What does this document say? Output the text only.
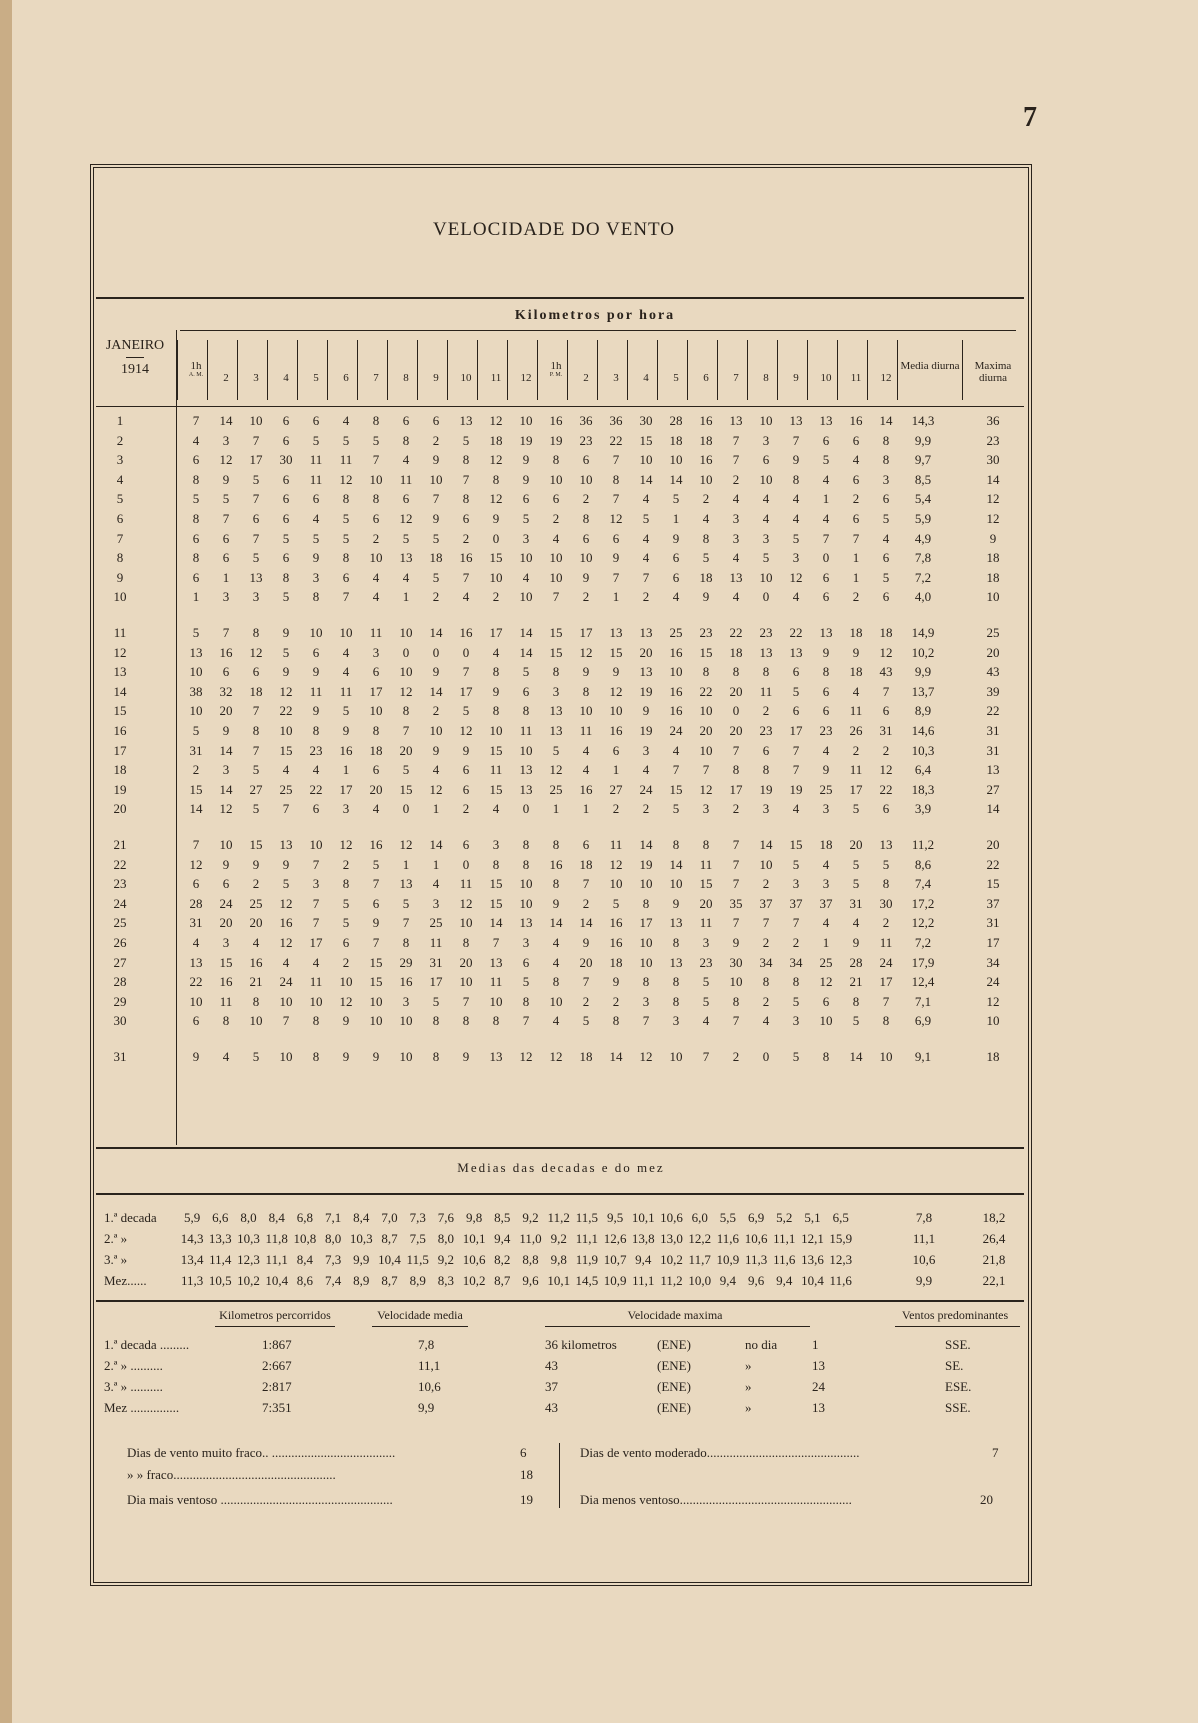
7
VELOCIDADE DO VENTO
Kilometros por hora
JANEIRO
1914	1h
A. M.	2	3	4	5	6	7	8	9	10	11	12
1h
P. M.	2	3	4	5	6	7	8	9	10	11	12
Media diurna	Maxima diurna
1	7	14	10	6	6	4	8	6	6	13	12	10	16	36	36	30	28	16	13	10	13	13	16	14	14,3	36
2	4	3	7	6	5	5	5	8	2	5	18	19	19	23	22	15	18	18	7	3	7	6	6	8	9,9	23
3	6	12	17	30	11	11	7	4	9	8	12	9	8	6	7	10	10	16	7	6	9	5	4	8	9,7	30
4	8	9	5	6	11	12	10	11	10	7	8	9	10	10	8	14	14	10	2	10	8	4	6	3	8,5	14
5	5	5	7	6	6	8	8	6	7	8	12	6	6	2	7	4	5	2	4	4	4	1	2	6	5,4	12
6	8	7	6	6	4	5	6	12	9	6	9	5	2	8	12	5	1	4	3	4	4	4	6	5	5,9	12
7	6	6	7	5	5	5	2	5	5	2	0	3	4	6	6	4	9	8	3	3	5	7	7	4	4,9	9
8	8	6	5	6	9	8	10	13	18	16	15	10	10	10	9	4	6	5	4	5	3	0	1	6	7,8	18
9	6	1	13	8	3	6	4	4	5	7	10	4	10	9	7	7	6	18	13	10	12	6	1	5	7,2	18
10	1	3	3	5	8	7	4	1	2	4	2	10	7	2	1	2	4	9	4	0	4	6	2	6	4,0	10
11	5	7	8	9	10	10	11	10	14	16	17	14	15	17	13	13	25	23	22	23	22	13	18	18	14,9	25
12	13	16	12	5	6	4	3	0	0	0	4	14	15	12	15	20	16	15	18	13	13	9	9	12	10,2	20
13	10	6	6	9	9	4	6	10	9	7	8	5	8	9	9	13	10	8	8	8	6	8	18	43	9,9	43
14	38	32	18	12	11	11	17	12	14	17	9	6	3	8	12	19	16	22	20	11	5	6	4	7	13,7	39
15	10	20	7	22	9	5	10	8	2	5	8	8	13	10	10	9	16	10	0	2	6	6	11	6	8,9	22
16	5	9	8	10	8	9	8	7	10	12	10	11	13	11	16	19	24	20	20	23	17	23	26	31	14,6	31
17	31	14	7	15	23	16	18	20	9	9	15	10	5	4	6	3	4	10	7	6	7	4	2	2	10,3	31
18	2	3	5	4	4	1	6	5	4	6	11	13	12	4	1	4	7	7	8	8	7	9	11	12	6,4	13
19	15	14	27	25	22	17	20	15	12	6	15	13	25	16	27	24	15	12	17	19	19	25	17	22	18,3	27
20	14	12	5	7	6	3	4	0	1	2	4	0	1	1	2	2	5	3	2	3	4	3	5	6	3,9	14
21	7	10	15	13	10	12	16	12	14	6	3	8	8	6	11	14	8	8	7	14	15	18	20	13	11,2	20
22	12	9	9	9	7	2	5	1	1	0	8	8	16	18	12	19	14	11	7	10	5	4	5	5	8,6	22
23	6	6	2	5	3	8	7	13	4	11	15	10	8	7	10	10	10	15	7	2	3	3	5	8	7,4	15
24	28	24	25	12	7	5	6	5	3	12	15	10	9	2	5	8	9	20	35	37	37	37	31	30	17,2	37
25	31	20	20	16	7	5	9	7	25	10	14	13	14	14	16	17	13	11	7	7	7	4	4	2	12,2	31
26	4	3	4	12	17	6	7	8	11	8	7	3	4	9	16	10	8	3	9	2	2	1	9	11	7,2	17
27	13	15	16	4	4	2	15	29	31	20	13	6	4	20	18	10	13	23	30	34	34	25	28	24	17,9	34
28	22	16	21	24	11	10	15	16	17	10	11	5	8	7	9	8	8	5	10	8	8	12	21	17	12,4	24
29	10	11	8	10	10	12	10	3	5	7	10	8	10	2	2	3	8	5	8	2	5	6	8	7	7,1	12
30	6	8	10	7	8	9	10	10	8	8	8	7	4	5	8	7	3	4	7	4	3	10	5	8	6,9	10
31	9	4	5	10	8	9	9	10	8	9	13	12	12	18	14	12	10	7	2	0	5	8	14	10	9,1	18
Medias das decadas e do mez
1.ª decada	5,9 6,6 8,0 8,4 6,8 7,1 8,4 7,0 7,3 7,6 9,8 8,5 9,2 11,2 11,5 9,5 10,1 10,6 6,0 5,5 6,9 5,2 5,1 6,5	7,8	18,2
2.ª »	14,3 13,3 10,3 11,8 10,8 8,0 10,3 8,7 7,5 8,0 10,1 9,4 11,0 9,2 11,1 12,6 13,8 13,0 12,2 11,6 10,6 11,1 12,1 15,9	11,1	26,4
3.ª »	13,4 11,4 12,3 11,1 8,4 7,3 9,9 10,4 11,5 9,2 10,6 8,2 8,8 9,8 11,9 10,7 9,4 10,2 11,7 10,9 11,3 11,6 13,6 12,3	10,6	21,8
Mez......	11,3 10,5 10,2 10,4 8,6 7,4 8,9 8,7 8,9 8,3 10,2 8,7 9,6 10,1 14,5 10,9 11,1 11,2 10,0 9,4 9,6 9,4 10,4 11,6	9,9	22,1
Kilometros percorridos	Velocidade media	Velocidade maxima	Ventos predominantes
1.ª decada .........	1:867	7,8	36 kilometros	(ENE)	no dia	1	SSE.
2.ª » ..........	2:667	11,1	43	(ENE)	»	13	SE.
3.ª » ..........	2:817	10,6	37	(ENE)	»	24	ESE.
Mez ...............	7:351	9,9	43	(ENE)	»	13	SSE.
Dias de vento muito fraco.. ......................................	6
» » fraco..................................................	18
Dia mais ventoso .....................................................	19
Dias de vento moderado...............................................	7
Dia menos ventoso.....................................................	20
